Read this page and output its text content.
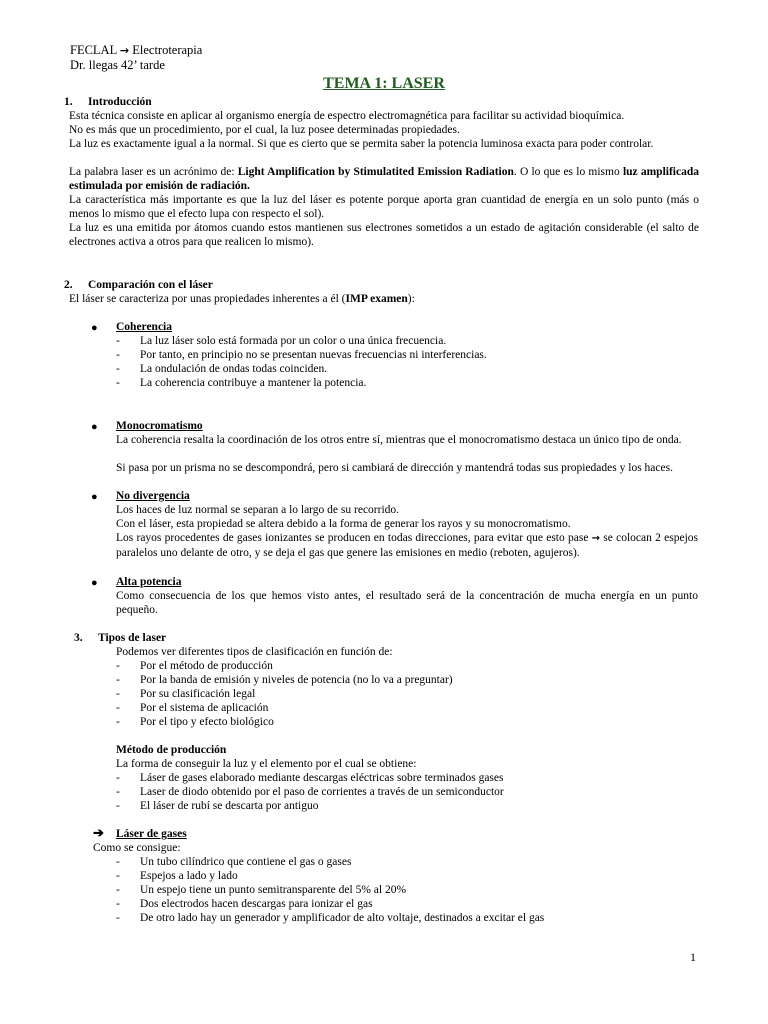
FECLAL → Electroterapia
Dr. llegas 42’ tarde
TEMA 1: LASER
1. Introducción
Esta técnica consiste en aplicar al organismo energía de espectro electromagnética para facilitar su actividad bioquímica.
No es más que un procedimiento, por el cual, la luz posee determinadas propiedades.
La luz es exactamente igual a la normal. Si que es cierto que se permita saber la potencia luminosa exacta para poder controlar.
La palabra laser es un acrónimo de: Light Amplification by Stimulatited Emission Radiation. O lo que es lo mismo luz amplificada estimulada por emisión de radiación.
La característica más importante es que la luz del láser es potente porque aporta gran cuantidad de energía en un solo punto (más o menos lo mismo que el efecto lupa con respecto el sol).
La luz es una emitida por átomos cuando estos mantienen sus electrones sometidos a un estado de agitación considerable (el salto de electrones activa a otros para que realicen lo mismo).
2. Comparación con el láser
El láser se caracteriza por unas propiedades inherentes a él (IMP examen):
● Coherencia
- La luz láser solo está formada por un color o una única frecuencia.
- Por tanto, en principio no se presentan nuevas frecuencias ni interferencias.
- La ondulación de ondas todas coinciden.
- La coherencia contribuye a mantener la potencia.
● Monocromatismo
La coherencia resalta la coordinación de los otros entre sí, mientras que el monocromatismo destaca un único tipo de onda.
Si pasa por un prisma no se descompondrá, pero si cambiará de dirección y mantendrá todas sus propiedades y los haces.
● No divergencia
Los haces de luz normal se separan a lo largo de su recorrido.
Con el láser, esta propiedad se altera debido a la forma de generar los rayos y su monocromatismo.
Los rayos procedentes de gases ionizantes se producen en todas direcciones, para evitar que esto pase → se colocan 2 espejos paralelos uno delante de otro, y se deja el gas que genere las emisiones en medio (reboten, agujeros).
● Alta potencia
Como consecuencia de los que hemos visto antes, el resultado será de la concentración de mucha energía en un punto pequeño.
3. Tipos de laser
Podemos ver diferentes tipos de clasificación en función de:
- Por el método de producción
- Por la banda de emisión y niveles de potencia (no lo va a preguntar)
- Por su clasificación legal
- Por el sistema de aplicación
- Por el tipo y efecto biológico
Método de producción
La forma de conseguir la luz y el elemento por el cual se obtiene:
- Láser de gases elaborado mediante descargas eléctricas sobre terminados gases
- Laser de diodo obtenido por el paso de corrientes a través de un semiconductor
- El láser de rubí se descarta por antiguo
➔ Láser de gases
Como se consigue:
- Un tubo cilíndrico que contiene el gas o gases
- Espejos a lado y lado
- Un espejo tiene un punto semitransparente del 5% al 20%
- Dos electrodos hacen descargas para ionizar el gas
- De otro lado hay un generador y amplificador de alto voltaje, destinados a excitar el gas
1
